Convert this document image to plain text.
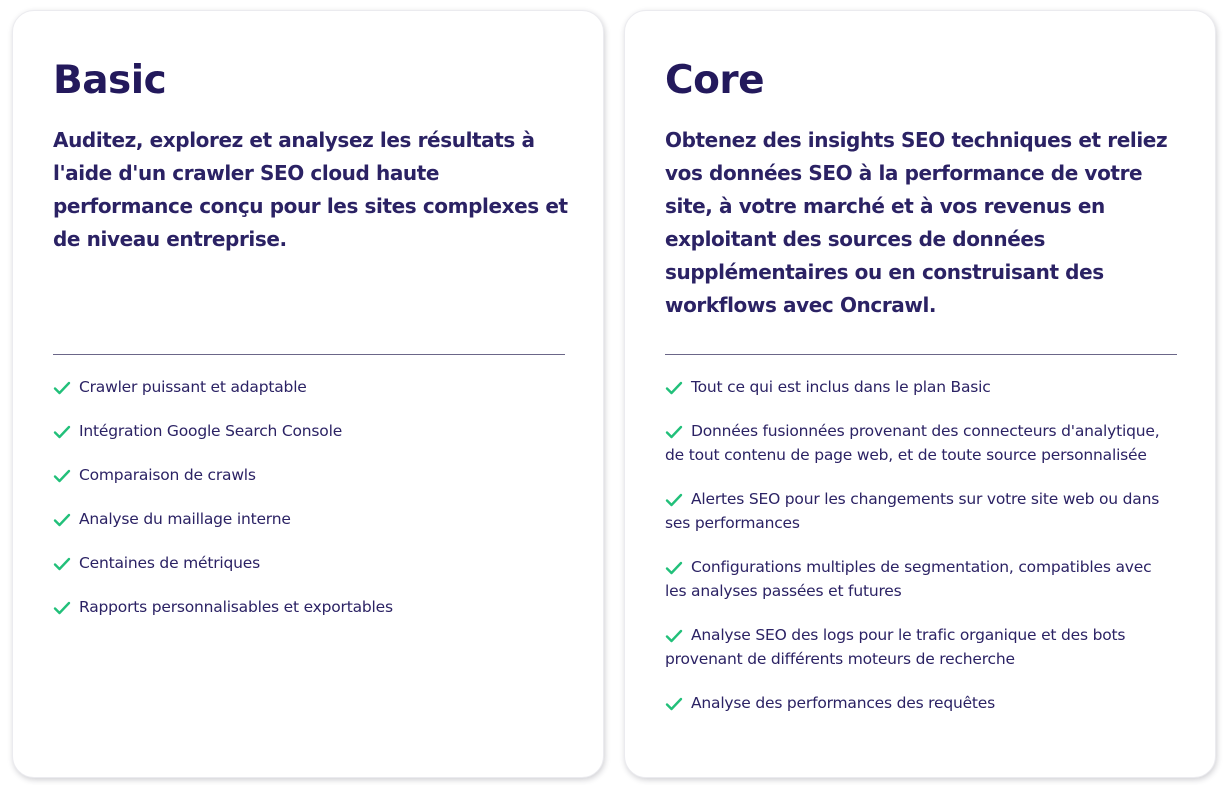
Basic

Auditez, explorez et analysez les résultats à l'aide d'un crawler SEO cloud haute performance conçu pour les sites complexes et de niveau entreprise.

Crawler puissant et adaptable
Intégration Google Search Console
Comparaison de crawls
Analyse du maillage interne
Centaines de métriques
Rapports personnalisables et exportables
Core

Obtenez des insights SEO techniques et reliez vos données SEO à la performance de votre site, à votre marché et à vos revenus en exploitant des sources de données supplémentaires ou en construisant des workflows avec Oncrawl.

Tout ce qui est inclus dans le plan Basic
Données fusionnées provenant des connecteurs d'analytique, de tout contenu de page web, et de toute source personnalisée
Alertes SEO pour les changements sur votre site web ou dans ses performances
Configurations multiples de segmentation, compatibles avec les analyses passées et futures
Analyse SEO des logs pour le trafic organique et des bots provenant de différents moteurs de recherche
Analyse des performances des requêtes
